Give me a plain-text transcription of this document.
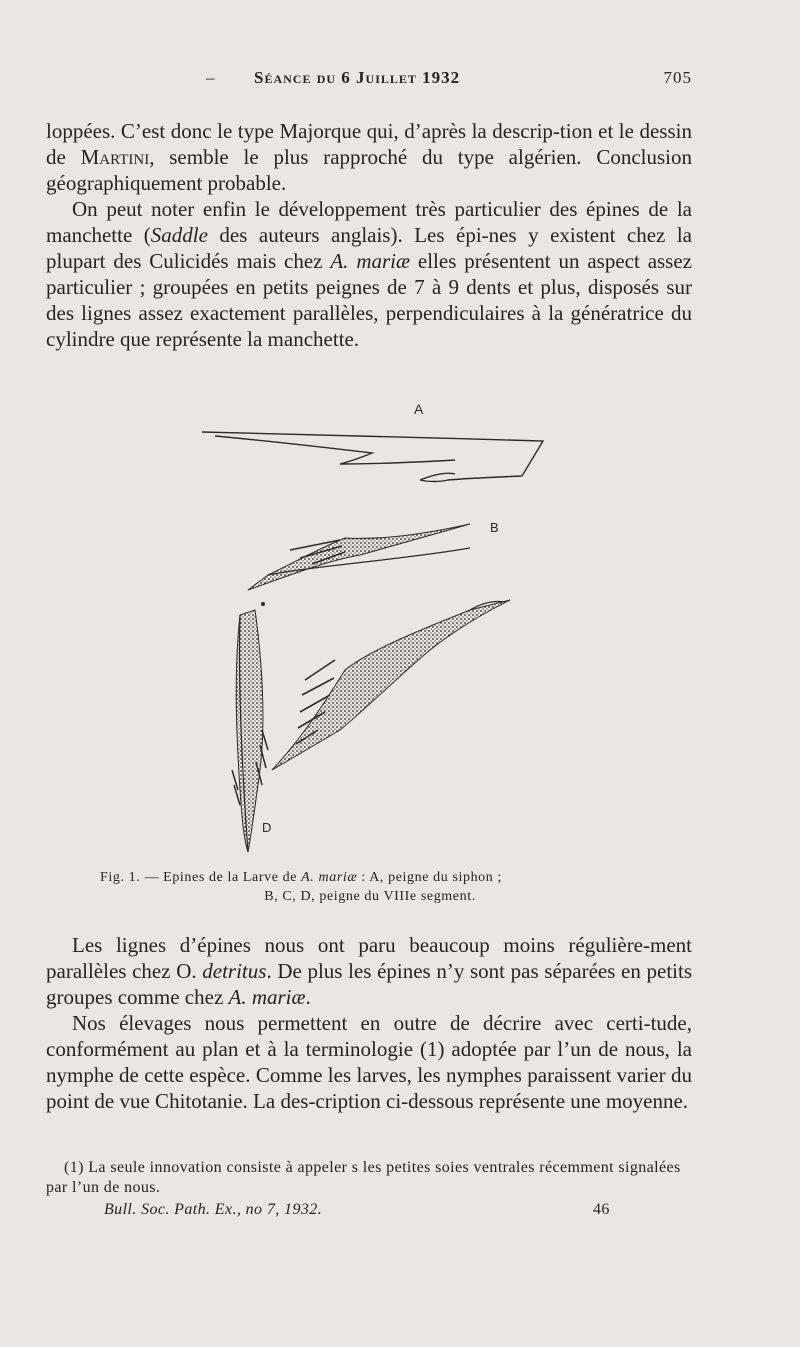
– Séance du 6 Juillet 1932	705

loppées. C’est donc le type Majorque qui, d’après la descrip-tion et le dessin de Martini, semble le plus rapproché du type algérien. Conclusion géographiquement probable.

On peut noter enfin le développement très particulier des épines de la manchette (Saddle des auteurs anglais). Les épi-nes y existent chez la plupart des Culicidés mais chez A. mariæ elles présentent un aspect assez particulier ; groupées en petits peignes de 7 à 9 dents et plus, disposés sur des lignes assez exactement parallèles, perpendiculaires à la génératrice du cylindre que représente la manchette.

A
B
D
Fig. 1. — Epines de la Larve de A. mariæ : A, peigne du siphon ;
B, C, D, peigne du VIIIe segment.

Les lignes d’épines nous ont paru beaucoup moins régulière-ment parallèles chez O. detritus. De plus les épines n’y sont pas séparées en petits groupes comme chez A. mariæ.

Nos élevages nous permettent en outre de décrire avec certi-tude, conformément au plan et à la terminologie (1) adoptée par l’un de nous, la nymphe de cette espèce. Comme les larves, les nymphes paraissent varier du point de vue Chitotanie. La des-cription ci-dessous représente une moyenne.

(1) La seule innovation consiste à appeler s les petites soies ventrales récemment signalées par l’un de nous.

Bull. Soc. Path. Ex., no 7, 1932.	46
